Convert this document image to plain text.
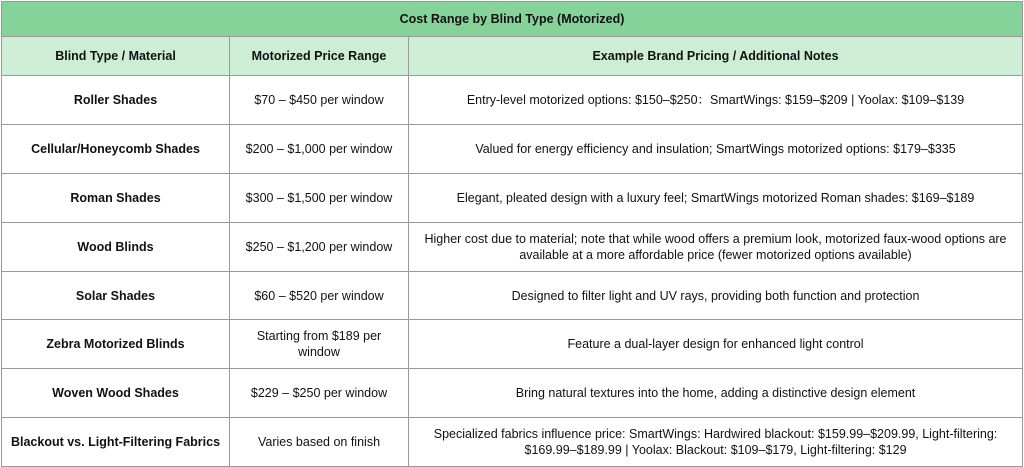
Cost Range by Blind Type (Motorized)		
Blind Type / Material	Motorized Price Range	Example Brand Pricing / Additional Notes
Roller Shades	$70 – $450 per window	Entry-level motorized options: $150–$250：SmartWings: $159–$209 | Yoolax: $109–$139
Cellular/Honeycomb Shades	$200 – $1,000 per window	Valued for energy efficiency and insulation; SmartWings motorized options: $179–$335
Roman Shades	$300 – $1,500 per window	Elegant, pleated design with a luxury feel; SmartWings motorized Roman shades: $169–$189
Wood Blinds	$250 – $1,200 per window	Higher cost due to material; note that while wood offers a premium look, motorized faux-wood options are available at a more affordable price (fewer motorized options available)
Solar Shades	$60 – $520 per window	Designed to filter light and UV rays, providing both function and protection
Zebra Motorized Blinds	Starting from $189 per window	Feature a dual-layer design for enhanced light control
Woven Wood Shades	$229 – $250 per window	Bring natural textures into the home, adding a distinctive design element
Blackout vs. Light-Filtering Fabrics	Varies based on finish	Specialized fabrics influence price: SmartWings: Hardwired blackout: $159.99–$209.99, Light-filtering: $169.99–$189.99 | Yoolax: Blackout: $109–$179, Light-filtering: $129
